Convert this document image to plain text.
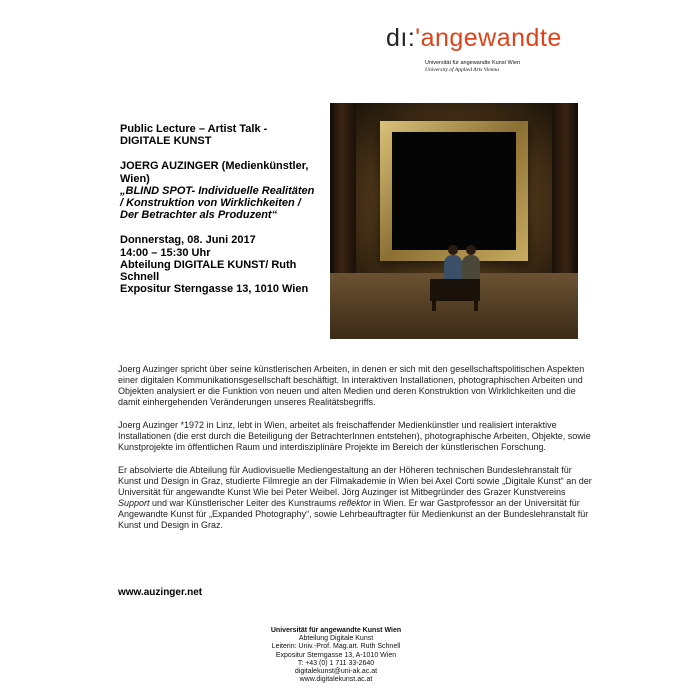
dı:'angewandte
Universität für angewandte Kunst Wien
University of Applied Arts Vienna

Public Lecture – Artist Talk - DIGITALE KUNST

JOERG AUZINGER (Medienkünstler, Wien)
„BLIND SPOT- Individuelle Realitäten / Konstruktion von Wirklichkeiten / Der Betrachter als Produzent“

Donnerstag, 08. Juni 2017
14:00 – 15:30 Uhr
Abteilung DIGITALE KUNST/ Ruth Schnell
Expositur Sterngasse 13, 1010 Wien

Joerg Auzinger spricht über seine künstlerischen Arbeiten, in denen er sich mit den gesellschaftspolitischen Aspekten einer digitalen Kommunikationsgesellschaft beschäftigt. In interaktiven Installationen, photographischen Arbeiten und Objekten analysiert er die Funktion von neuen und alten Medien und deren Konstruktion von Wirklichkeiten und die damit einhergehenden Veränderungen unseres Realitätsbegriffs.

Joerg Auzinger *1972 in Linz, lebt in Wien, arbeitet als freischaffender Medienkünstler und realisiert interaktive Installationen (die erst durch die Beteiligung der BetrachterInnen entstehen), photographische Arbeiten, Objekte, sowie Kunstprojekte im öffentlichen Raum und interdisziplinäre Projekte im Bereich der künstlerischen Forschung.

Er absolvierte die Abteilung für Audiovisuelle Mediengestaltung an der Höheren technischen Bundeslehranstalt für Kunst und Design in Graz, studierte Filmregie an der Filmakademie in Wien bei Axel Corti sowie „Digitale Kunst“ an der Universität für angewandte Kunst Wie bei Peter Weibel. Jörg Auzinger ist Mitbegründer des Grazer Kunstvereins Support und war Künstlerischer Leiter des Kunstraums reflektor in Wien. Er war Gastprofessor an der Universität für Angewandte Kunst für „Expanded Photography“, sowie Lehrbeauftragter für Medienkunst an der Bundeslehranstalt für Kunst und Design in Graz.

www.auzinger.net
Universität für angewandte Kunst Wien
Abteilung Digitale Kunst
Leiterin: Univ.-Prof. Mag.art. Ruth Schnell
Expositur Sterngasse 13, A-1010 Wien
T: +43 (0) 1 711 33-2640
digitalekunst@uni-ak.ac.at
www.digitalekunst.ac.at
